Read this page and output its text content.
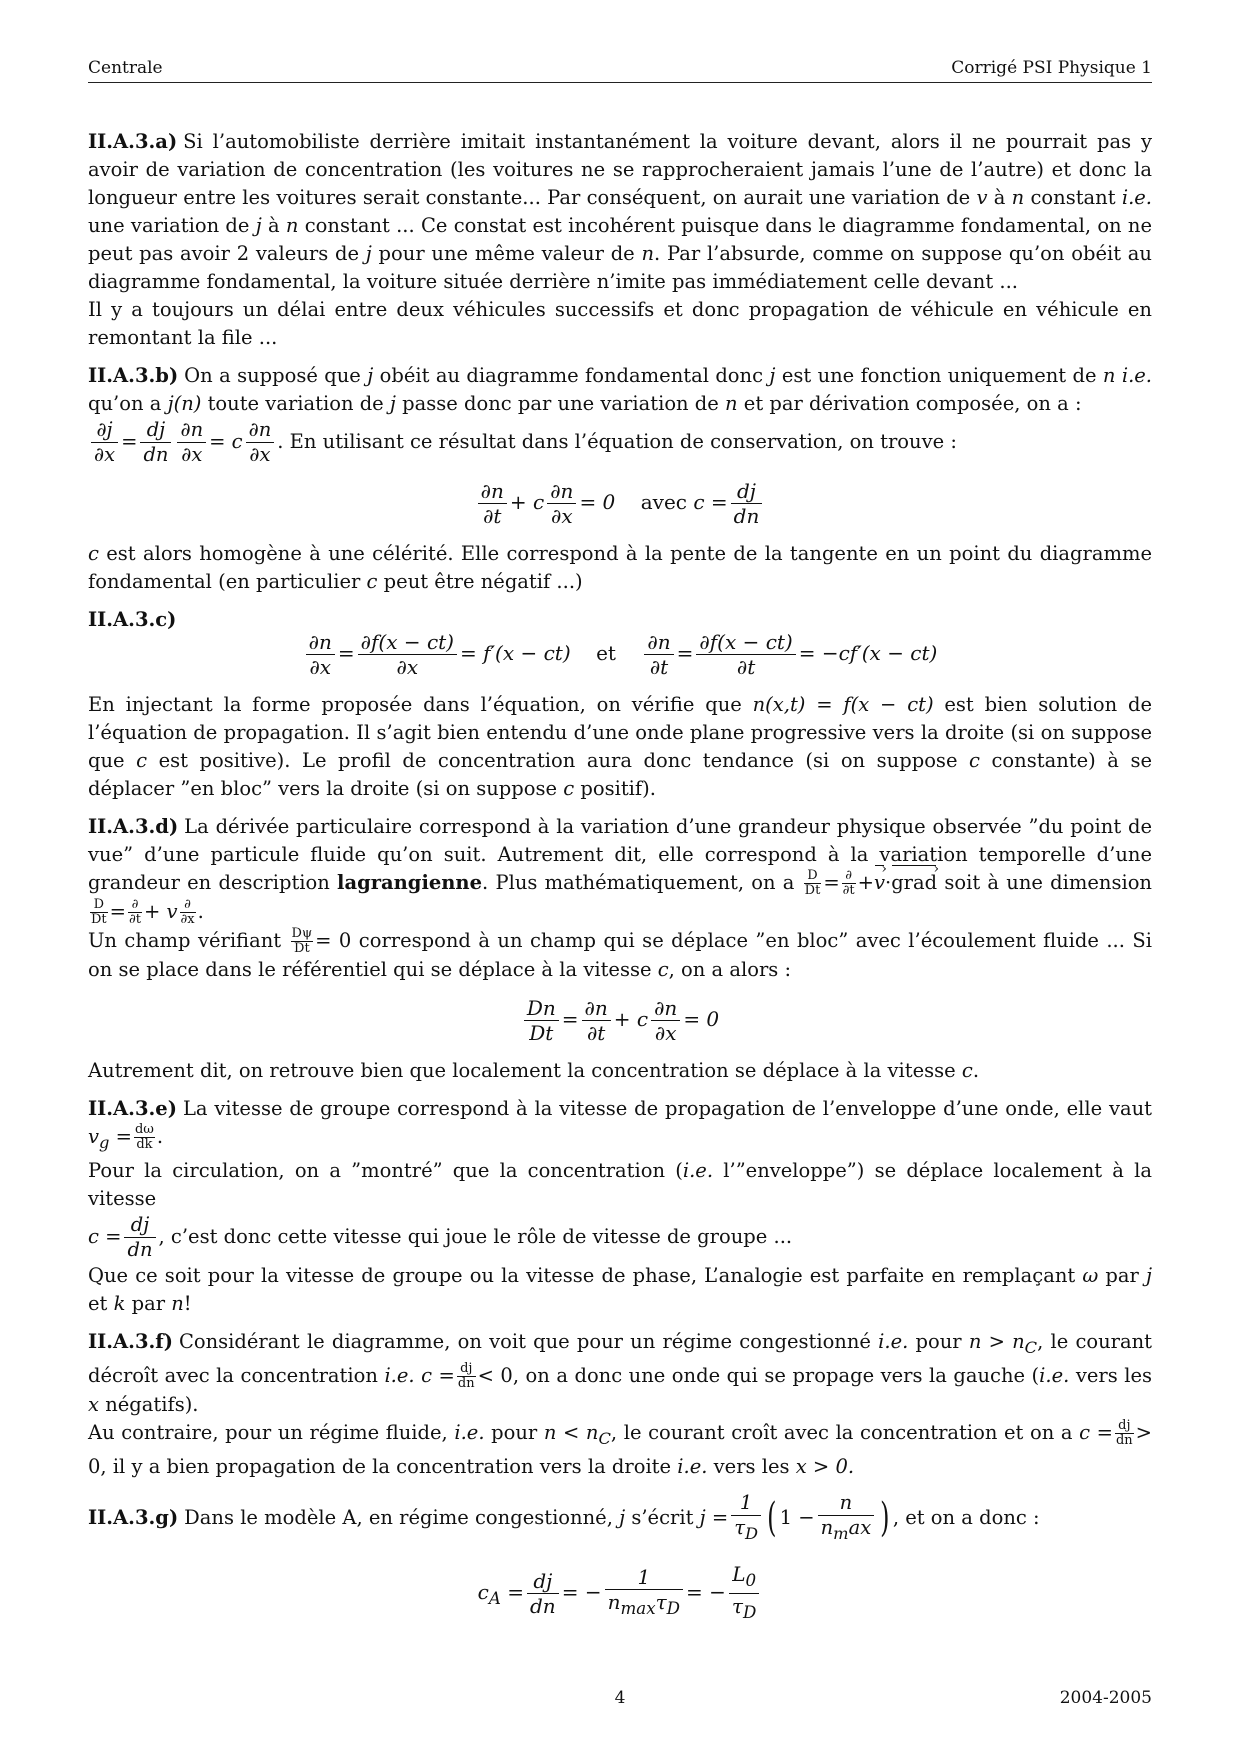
Centrale	Corrigé PSI Physique 1
II.A.3.a) Si l’automobiliste derrière imitait instantanément la voiture devant, alors il ne pourrait pas y avoir de variation de concentration (les voitures ne se rapprocheraient jamais l’une de l’autre) et donc la longueur entre les voitures serait constante... Par conséquent, on aurait une variation de v à n constant i.e. une variation de j à n constant ... Ce constat est incohérent puisque dans le diagramme fondamental, on ne peut pas avoir 2 valeurs de j pour une même valeur de n. Par l’absurde, comme on suppose qu’on obéit au diagramme fondamental, la voiture située derrière n’imite pas immédiatement celle devant ...
Il y a toujours un délai entre deux véhicules successifs et donc propagation de véhicule en véhicule en remontant la file ...
II.A.3.b) On a supposé que j obéit au diagramme fondamental donc j est une fonction uniquement de n i.e. qu’on a j(n) toute variation de j passe donc par une variation de n et par dérivation composée, on a :

$\frac{\partial j}{\partial x} = \frac{dj}{dn} \frac{\partial n}{\partial x} = c \frac{\partial n}{\partial x}$ . En utilisant ce résultat dans l’équation de conservation, on trouve :
$\frac{\partial n}{\partial t} + c \frac{\partial n}{\partial x} = 0$ avec $c = \frac{dj}{dn}$
c est alors homogène à une célérité. Elle correspond à la pente de la tangente en un point du diagramme fondamental (en particulier c peut être négatif ...)
II.A.3.c)
$\frac{\partial n}{\partial x} = \frac{\partial f(x - ct)}{\partial x} = f'(x - ct)$ et $\frac{\partial n}{\partial t} = \frac{\partial f(x - ct)}{\partial t} = -cf'(x - ct)$
En injectant la forme proposée dans l’équation, on vérifie que n(x,t) = f(x − ct) est bien solution de l’équation de propagation. Il s’agit bien entendu d’une onde plane progressive vers la droite (si on suppose que c est positive). Le profil de concentration aura donc tendance (si on suppose c constante) à se déplacer ”en bloc” vers la droite (si on suppose c positif).
II.A.3.d) La dérivée particulaire correspond à la variation d’une grandeur physique observée ”du point de vue” d’une particule fluide qu’on suit. Autrement dit, elle correspond à la variation temporelle d’une grandeur en description lagrangienne. Plus mathématiquement, on a $\frac{D}{Dt}$ = ∂
∂t +v ›·grad › soit à une dimension
$\frac{D}{Dt}$ = ∂
∂t + v ∂
∂x .
Un champ vérifiant $\frac{D\psi}{Dt} = 0$ correspond à un champ qui se déplace ”en bloc” avec l’écoulement fluide ... Si on se place dans le référentiel qui se déplace à la vitesse c, on a alors :
$\frac{Dn}{Dt} = \frac{\partial n}{\partial t} + c \frac{\partial n}{\partial x} = 0$
Autrement dit, on retrouve bien que localement la concentration se déplace à la vitesse c.
II.A.3.e) La vitesse de groupe correspond à la vitesse de propagation de l’enveloppe d’une onde, elle vaut $v_g = \frac{d\omega}{dk}$ .
Pour la circulation, on a ”montré” que la concentration (i.e. l’”enveloppe”) se déplace localement à la vitesse
$c = \frac{dj}{dn}$ , c’est donc cette vitesse qui joue le rôle de vitesse de groupe ...
Que ce soit pour la vitesse de groupe ou la vitesse de phase, L’analogie est parfaite en remplaçant ω par j et k par n!
II.A.3.f) Considérant le diagramme, on voit que pour un régime congestionné i.e. pour $n > n_C$, le courant décroît avec la concentration i.e. $c = \frac{dj}{dn} < 0$, on a donc une onde qui se propage vers la gauche (i.e. vers les x négatifs).
Au contraire, pour un régime fluide, i.e. pour $n < n_C$, le courant croît avec la concentration et on a $c = \frac{dj}{dn} > 0$, il y a bien propagation de la concentration vers la droite i.e. vers les x > 0.
II.A.3.g) Dans le modèle A, en régime congestionné, j s’écrit $j = \frac{1}{\tau_D}$ ( $1 - \frac{n}{n_max}$ ) , et on a donc :
$c_A = \frac{dj}{dn}$ = − $\frac{1}{n_{max}\tau_D}$ = − $\frac{L_0}{\tau_D}$
4	2004-2005
